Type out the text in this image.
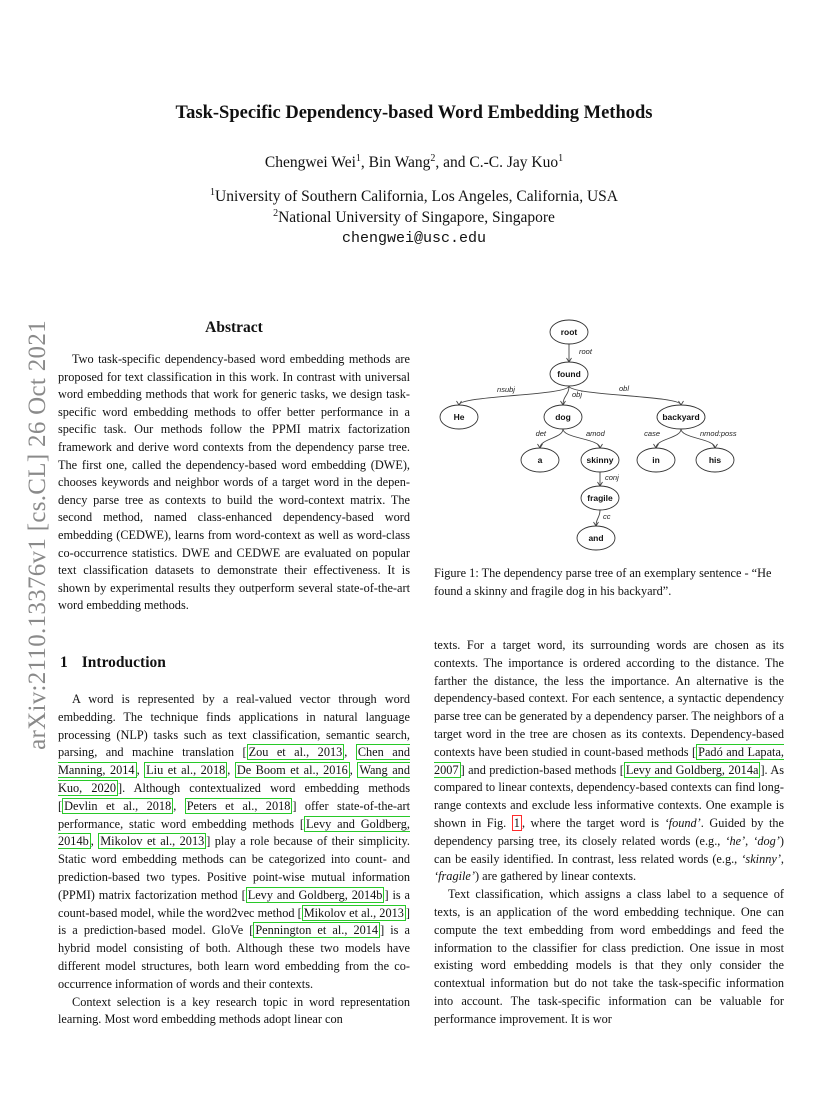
Task-Specific Dependency-based Word Embedding Methods
Chengwei Wei$^1$, Bin Wang$^2$, and C.-C. Jay Kuo$^1$
$^1$University of Southern California, Los Angeles, California, USA
$^2$National University of Singapore, Singapore
chengwei@usc.edu
arXiv:2110.13376v1 [cs.CL] 26 Oct 2021	Abstract

Two task-specific dependency-based word embedding methods are proposed for text classification in this work. In contrast with universal word embedding methods that work for generic tasks, we design task-specific word embedding methods to offer better performance in a specific task. Our methods follow the PPMI matrix factorization framework and derive word contexts from the dependency parse tree. The first one, called the dependency-based word embedding (DWE), chooses keywords and neighbor words of a target word in the dependency parse tree as contexts to build the word-context matrix. The second method, named class-enhanced dependency-based word embedding (CEDWE), learns from word-context as well as word-class co-occurrence statistics. DWE and CEDWE are evaluated on popular text classification datasets to demonstrate their effectiveness. It is shown by experimental results they outperform several state-of-the-art word embedding methods.

root
nsubj
obj
obl
det	amod	case	nmod:poss
conj
cc
root
found
He	dog	backyard
a	skinny	in	his
fragile
and
Figure 1: The dependency parse tree of an exemplary sentence - “He found a skinny and fragile dog in his backyard”.
1 Introduction

A word is represented by a real-valued vector through word embedding. The technique finds applications in natural language processing (NLP) tasks such as text classification, semantic search, parsing, and machine translation [ Zou et al., 2013 , Chen and Manning, 2014 , Liu et al., 2018 , De Boom et al., 2016 , Wang and Kuo, 2020 ]. Although contextualized word embedding methods [ Devlin et al., 2018 , Peters et al., 2018 ] offer state-of-the-art performance, static word embedding methods [ Levy and Goldberg, 2014b , Mikolov et al., 2013 ] play a role because of their simplicity. Static word embedding methods can be categorized into count- and prediction-based two types. Positive point-wise mutual information (PPMI) matrix factorization method [ Levy and Goldberg, 2014b ] is a count-based model, while the word2vec method [ Mikolov et al., 2013 ] is a prediction-based model. GloVe [ Pennington et al., 2014 ] is a hybrid model consisting of both. Although these two models have different model structures, both learn word embedding from the co-occurrence information of words and their contexts.

Context selection is a key research topic in word representation learning. Most word embedding methods adopt linear con

texts. For a target word, its surrounding words are chosen as its contexts. The importance is ordered according to the distance. The farther the distance, the less the importance. An alternative is the dependency-based context. For each sentence, a syntactic dependency parse tree can be generated by a dependency parser. The neighbors of a target word in the tree are chosen as its contexts. Dependency-based contexts have been studied in count-based methods [ Padó and Lapata, 2007 ] and prediction-based methods [ Levy and Goldberg, 2014a ]. As compared to linear contexts, dependency-based contexts can find long-range contexts and exclude less informative contexts. One example is shown in Fig. 1 , where the target word is ‘found’. Guided by the dependency parsing tree, its closely related words (e.g., ‘he’, ‘dog’) can be easily identified. In contrast, less related words (e.g., ‘skinny’, ‘fragile’) are gathered by linear contexts.

Text classification, which assigns a class label to a sequence of texts, is an application of the word embedding technique. One can compute the text embedding from word embeddings and feed the information to the classifier for class prediction. One issue in most existing word embedding models is that they only consider the contextual information but do not take the task-specific information into account. The task-specific information can be valuable for performance improvement. It is wor
